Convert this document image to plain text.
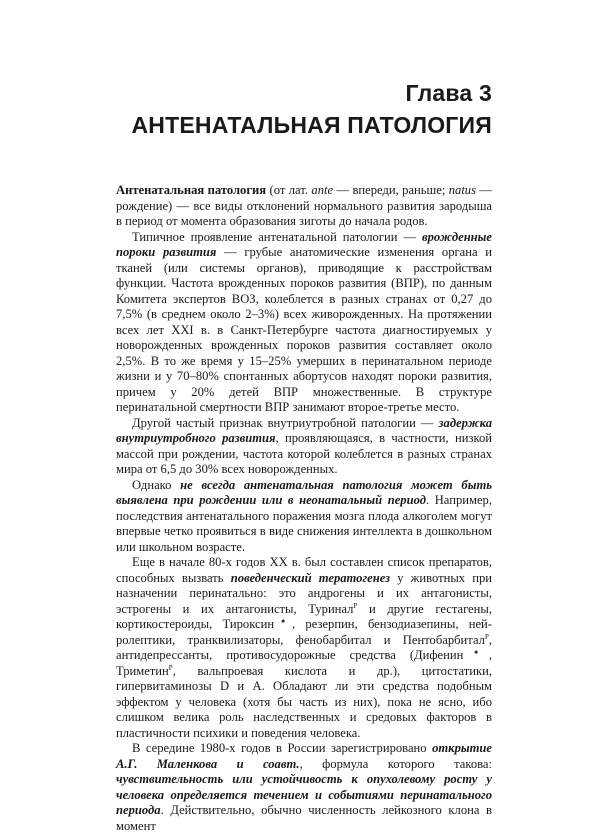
Глава 3
АНТЕНАТАЛЬНАЯ ПАТОЛОГИЯ

Антенатальная патология (от лат. ante — впереди, раньше; natus — рождение) — все виды отклонений нормального развития зародыша в период от момента образования зиготы до начала родов.

Типичное проявление антенатальной патологии — врожденные пороки развития — грубые анатомические изменения органа и тканей (или системы органов), приводящие к расстройствам функции. Частота врожденных пороков развития (ВПР), по данным Комитета экспертов ВОЗ, колеблется в разных странах от 0,27 до 7,5% (в среднем около 2–3%) всех живорожденных. На протяжении всех лет XXI в. в Санкт-Петербурге частота диагностируемых у новорожденных врожденных пороков развития составляет около 2,5%. В то же время у 15–25% умерших в перинатальном периоде жизни и у 70–80% спонтанных абортусов находят пороки развития, причем у 20% детей ВПР множественные. В структуре перинатальной смертности ВПР занимают второе-третье место.

Другой частый признак внутриутробной патологии — задержка внутриутробного развития, проявляющаяся, в частности, низкой массой при рождении, частота которой колеблется в разных странах мира от 6,5 до 30% всех новорожденных.

Однако не всегда антенатальная патология может быть выявлена при рождении или в неонатальный период. Например, последствия антенатального поражения мозга плода алкоголем могут впервые четко проявиться в виде снижения интеллекта в дошкольном или школьном возрасте.

Еще в начале 80-х годов XX в. был составлен список препаратов, способных вызвать поведенческий тератогенез у животных при назначении перинатально: это андрогены и их антагонисты, эстрогены и их антагонисты, Туринал$^Р$ и другие гестагены, кортикостероиды, Тироксин♠, резерпин, бензодиазепины, нейролептики, транквилизаторы, фенобарбитал и Пентобарбитал$^Р$, антидепрессанты, противосудорожные средства (Дифенин♠, Триметин$^Р$, вальпроевая кислота и др.), цитостатики, гипервитаминозы D и А. Обладают ли эти средства подобным эффектом у человека (хотя бы часть из них), пока не ясно, ибо слишком велика роль наследственных и средовых факторов в пластичности психики и поведения человека.

В середине 1980-х годов в России зарегистрировано открытие А.Г. Маленкова и соавт., формула которого такова: чувствительность или устойчивость к опухолевому росту у человека определяется течением и событиями перинатального периода. Действительно, обычно численность лейкозного клона в момент
